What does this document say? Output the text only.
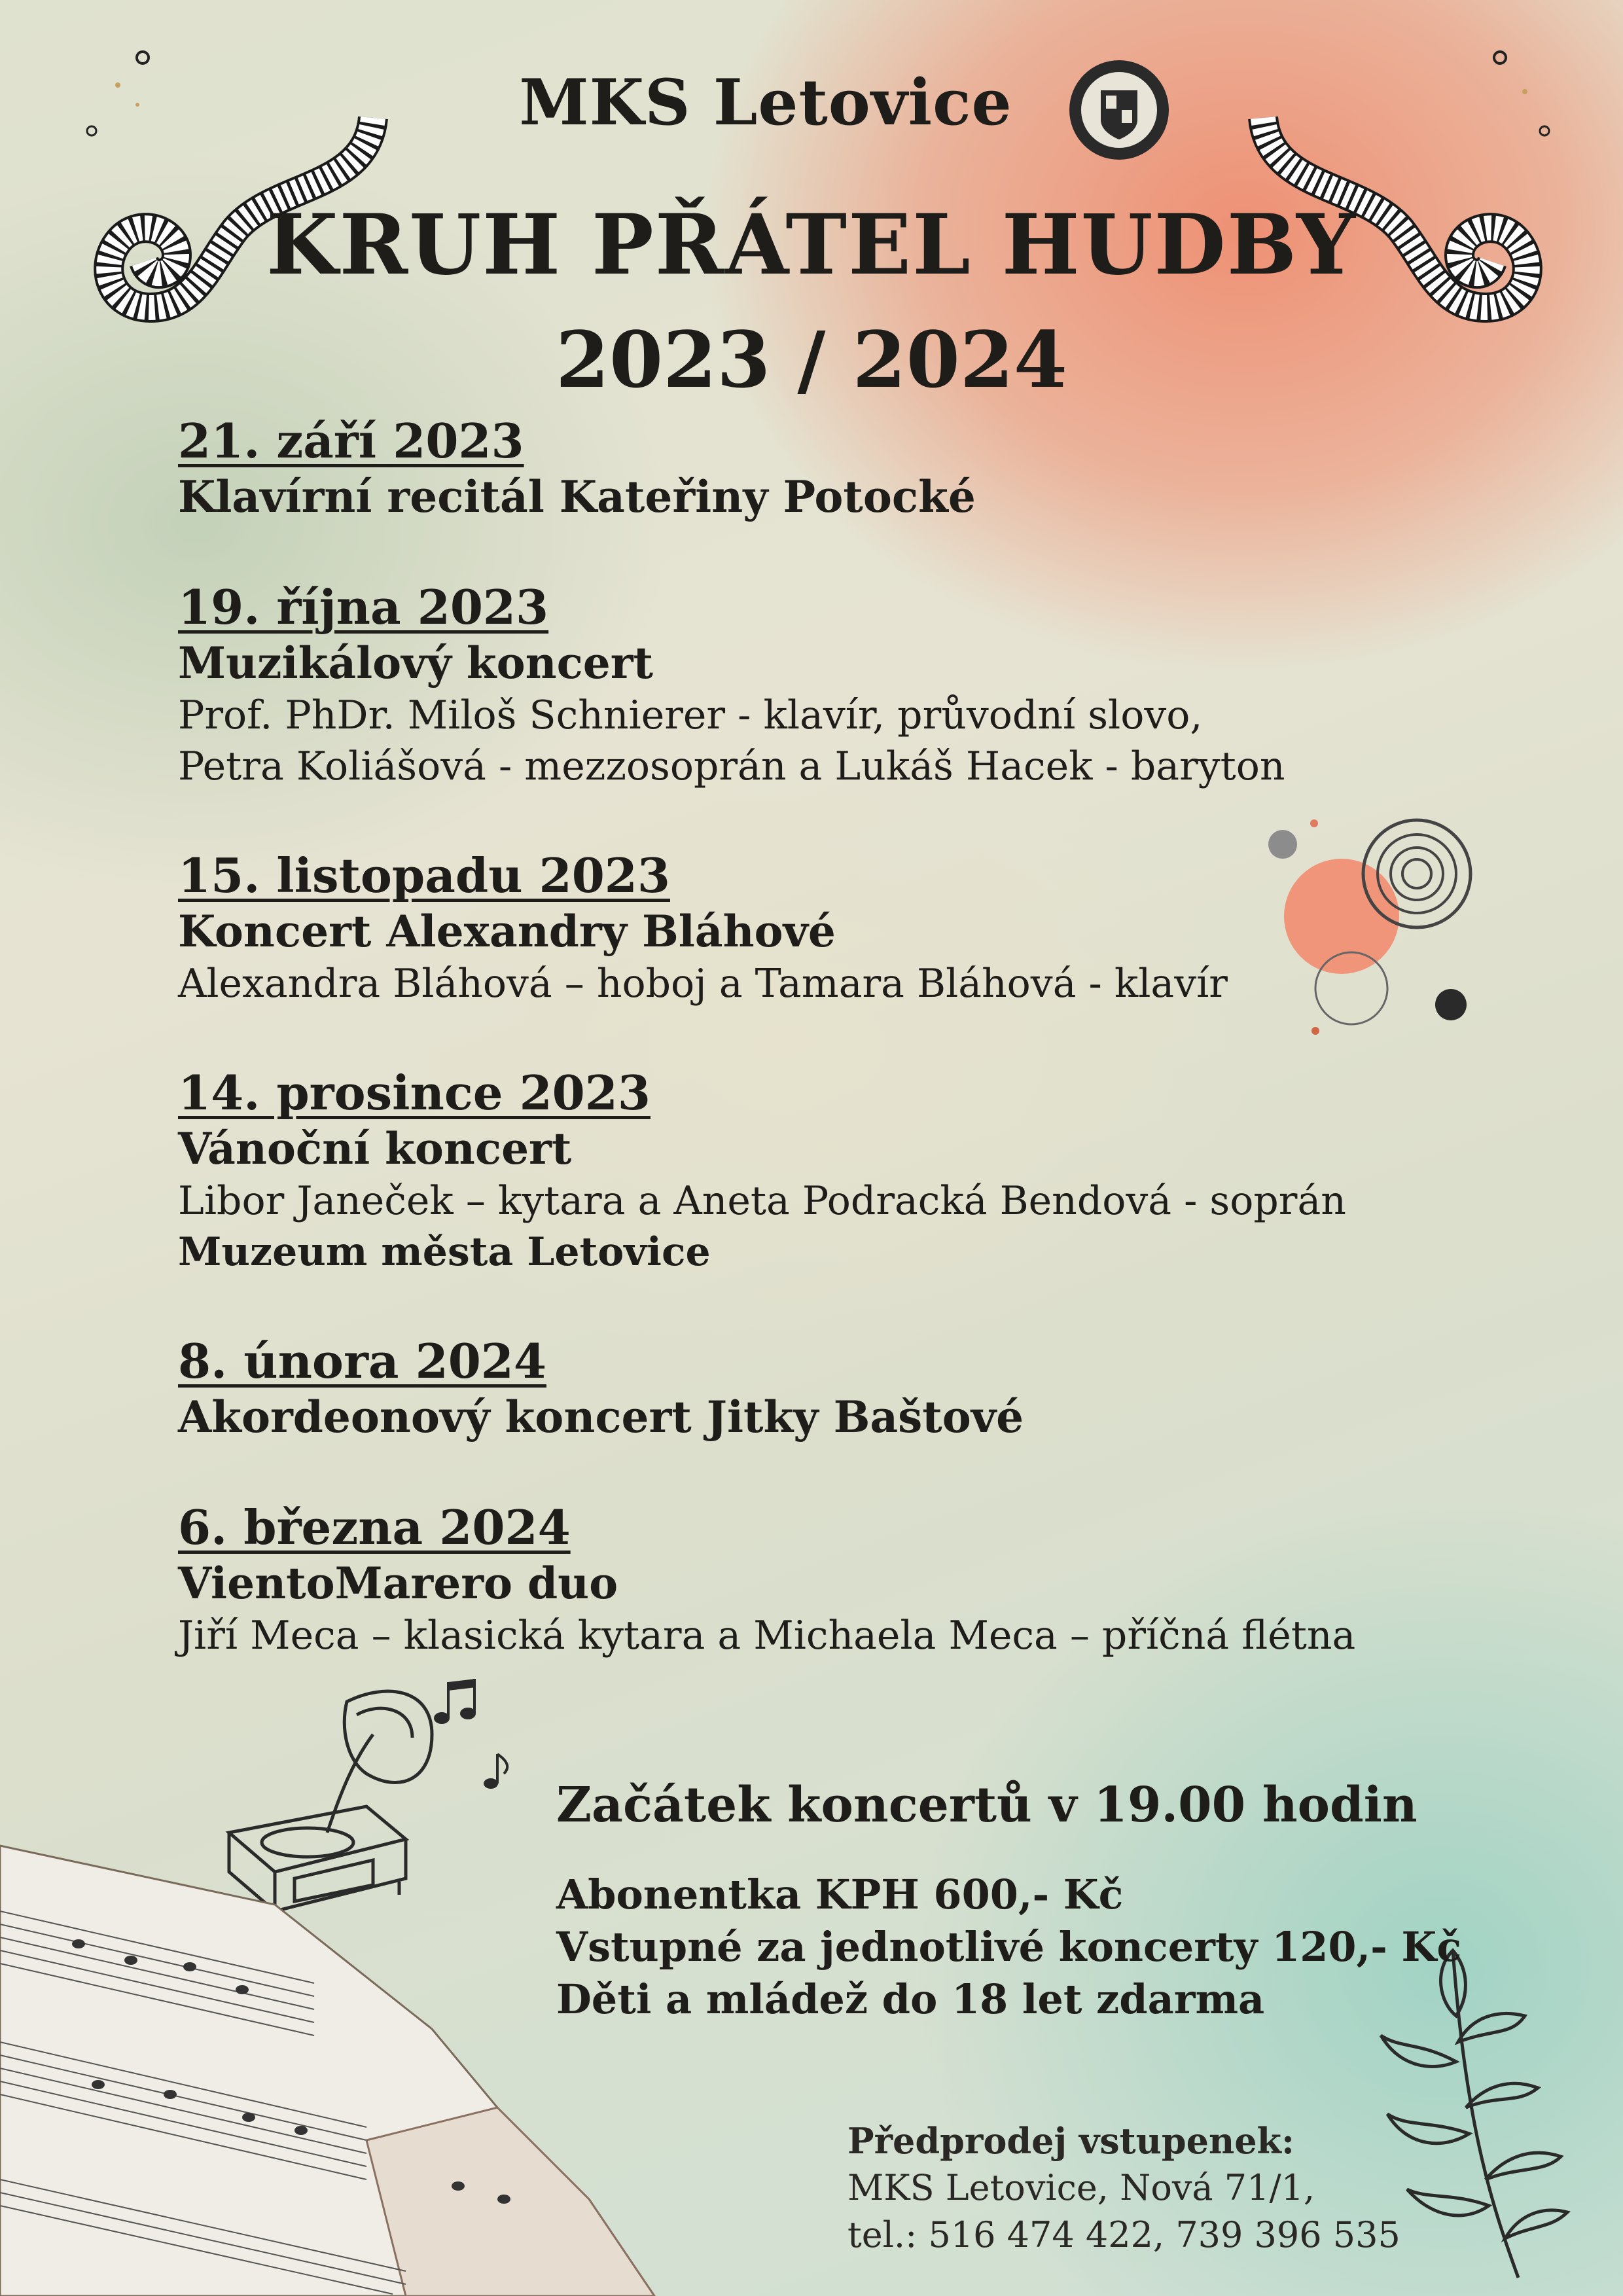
MKS Letovice
KRUH PŘÁTEL HUDBY
2023 / 2024
21. září 2023
Klavírní recitál Kateřiny Potocké
19. října 2023
Muzikálový koncert
Prof. PhDr. Miloš Schnierer - klavír, průvodní slovo,
Petra Koliášová - mezzosoprán a Lukáš Hacek - baryton
15. listopadu 2023
Koncert Alexandry Bláhové
Alexandra Bláhová – hoboj a Tamara Bláhová - klavír
14. prosince 2023
Vánoční koncert
Libor Janeček – kytara a Aneta Podracká Bendová - soprán
Muzeum města Letovice
8. února 2024
Akordeonový koncert Jitky Baštové
6. března 2024
VientoMarero duo
Jiří Meca – klasická kytara a Michaela Meca – příčná flétna
Začátek koncertů v 19.00 hodin
Abonentka KPH 600,- Kč
Vstupné za jednotlivé koncerty 120,- Kč
Děti a mládež do 18 let zdarma
Předprodej vstupenek:
MKS Letovice, Nová 71/1,
tel.: 516 474 422, 739 396 535
